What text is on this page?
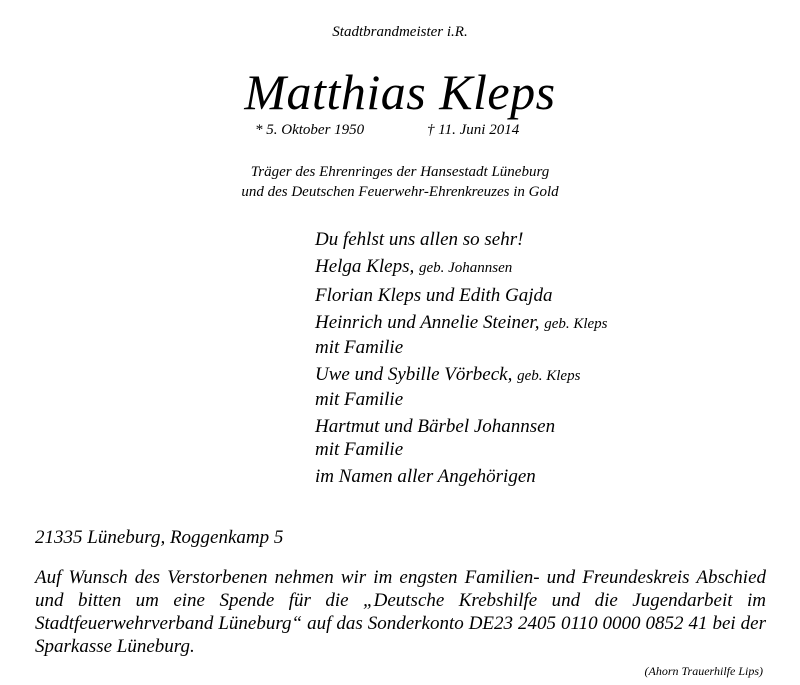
Stadtbrandmeister i.R.
Matthias Kleps
* 5. Oktober 1950	† 11. Juni 2014
Träger des Ehrenringes der Hansestadt Lüneburg
und des Deutschen Feuerwehr-Ehrenkreuzes in Gold
Du fehlst uns allen so sehr!
Helga Kleps, geb. Johannsen
Florian Kleps und Edith Gajda
Heinrich und Annelie Steiner, geb. Kleps
mit Familie
Uwe und Sybille Vörbeck, geb. Kleps
mit Familie
Hartmut und Bärbel Johannsen
mit Familie
im Namen aller Angehörigen
21335 Lüneburg, Roggenkamp 5
Auf Wunsch des Verstorbenen nehmen wir im engsten Familien- und Freundeskreis Abschied und bitten um eine Spende für die „Deutsche Krebshilfe und die Jugendarbeit im Stadtfeuerwehrverband Lüneburg“ auf das Sonderkonto DE23 2405 0110 0000 0852 41 bei der Sparkasse Lüneburg.
(Ahorn Trauerhilfe Lips)
